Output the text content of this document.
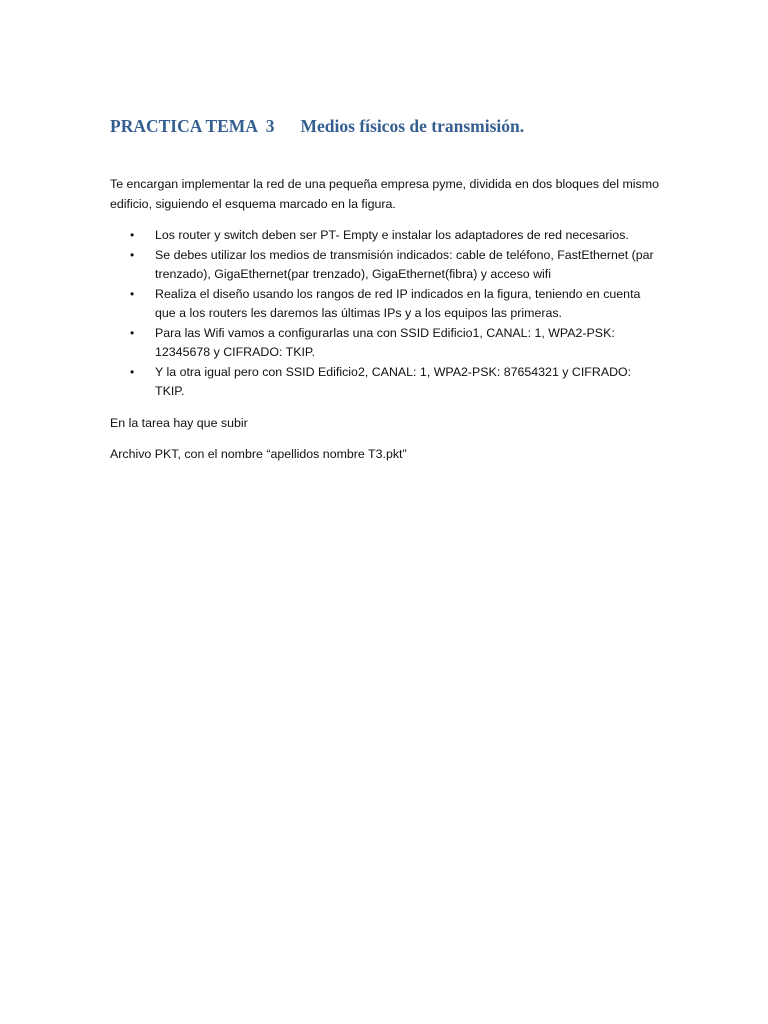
PRACTICA TEMA  3 Medios físicos de transmisión.

Te encargan implementar la red de una pequeña empresa pyme, dividida en dos bloques del mismo edificio, siguiendo el esquema marcado en la figura.

• Los router y switch deben ser PT- Empty e instalar los adaptadores de red necesarios.
• Se debes utilizar los medios de transmisión indicados: cable de teléfono, FastEthernet (par trenzado), GigaEthernet(par trenzado), GigaEthernet(fibra) y acceso wifi
• Realiza el diseño usando los rangos de red IP indicados en la figura, teniendo en cuenta que a los routers les daremos las últimas IPs y a los equipos las primeras.
• Para las Wifi vamos a configurarlas una con SSID Edificio1, CANAL: 1, WPA2-PSK: 12345678 y CIFRADO: TKIP.
• Y la otra igual pero con SSID Edificio2, CANAL: 1, WPA2-PSK: 87654321 y CIFRADO: TKIP.

En la tarea hay que subir

Archivo PKT, con el nombre “apellidos nombre T3.pkt”
